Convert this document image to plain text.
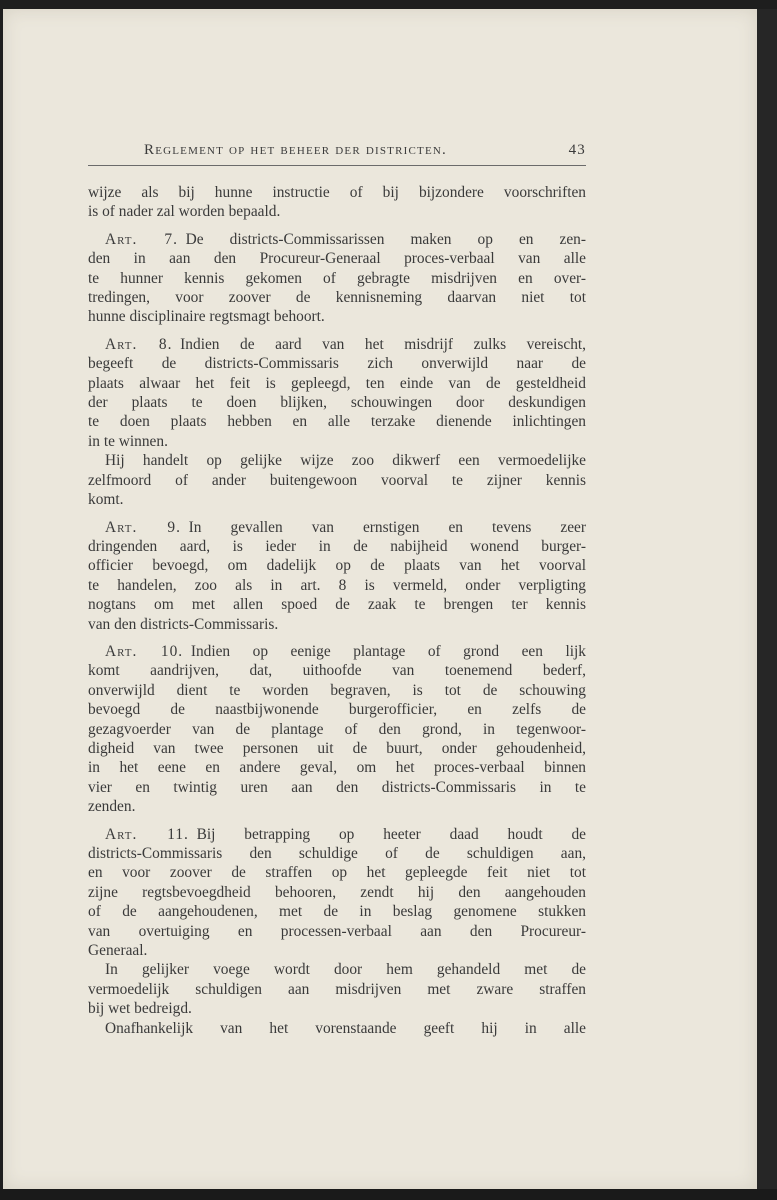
Reglement op het beheer der districten.	43

wijze als bij hunne instructie of bij bijzondere voorschriften
is of nader zal worden bepaald.

Art. 7.  De districts-Commissarissen maken op en zen-
den in aan den Procureur-Generaal proces-verbaal van alle
te hunner kennis gekomen of gebragte misdrijven en over-
tredingen, voor zoover de kennisneming daarvan niet tot
hunne disciplinaire regtsmagt behoort.

Art. 8.  Indien de aard van het misdrijf zulks vereischt,
begeeft de districts-Commissaris zich onverwijld naar de
plaats alwaar het feit is gepleegd, ten einde van de gesteldheid
der plaats te doen blijken, schouwingen door deskundigen
te doen plaats hebben en alle terzake dienende inlichtingen
in te winnen.

Hij handelt op gelijke wijze zoo dikwerf een vermoedelijke
zelfmoord of ander buitengewoon voorval te zijner kennis
komt.

Art. 9.  In gevallen van ernstigen en tevens zeer
dringenden aard, is ieder in de nabijheid wonend burger-
officier bevoegd, om dadelijk op de plaats van het voorval
te handelen, zoo als in art. 8 is vermeld, onder verpligting
nogtans om met allen spoed de zaak te brengen ter kennis
van den districts-Commissaris.

Art. 10.  Indien op eenige plantage of grond een lijk
komt aandrijven, dat, uithoofde van toenemend bederf,
onverwijld dient te worden begraven, is tot de schouwing
bevoegd de naastbijwonende burgerofficier, en zelfs de
gezagvoerder van de plantage of den grond, in tegenwoor-
digheid van twee personen uit de buurt, onder gehoudenheid,
in het eene en andere geval, om het proces-verbaal binnen
vier en twintig uren aan den districts-Commissaris in te
zenden.

Art. 11.  Bij betrapping op heeter daad houdt de
districts-Commissaris den schuldige of de schuldigen aan,
en voor zoover de straffen op het gepleegde feit niet tot
zijne regtsbevoegdheid behooren, zendt hij den aangehouden
of de aangehoudenen, met de in beslag genomene stukken
van overtuiging en processen-verbaal aan den Procureur-
Generaal.

In gelijker voege wordt door hem gehandeld met de
vermoedelijk schuldigen aan misdrijven met zware straffen
bij wet bedreigd.

Onafhankelijk van het vorenstaande geeft hij in alle
